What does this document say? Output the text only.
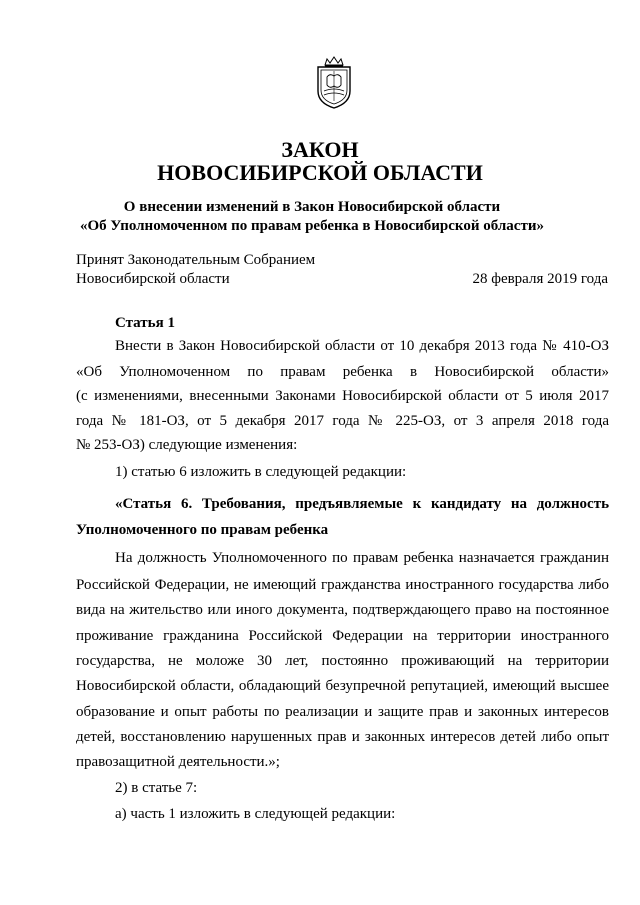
ЗАКОН
НОВОСИБИРСКОЙ ОБЛАСТИ
О внесении изменений в Закон Новосибирской области
«Об Уполномоченном по правам ребенка в Новосибирской области»
Принят Законодательным Собранием
Новосибирской области	28 февраля 2019 года
Статья 1
Внести в Закон Новосибирской области от 10 декабря 2013 года № 410-ОЗ
«Об Уполномоченном по правам ребенка в Новосибирской области»
(с изменениями, внесенными Законами Новосибирской области от 5 июля 2017
года № 181-ОЗ, от 5 декабря 2017 года № 225-ОЗ, от 3 апреля 2018 года
№ 253-ОЗ) следующие изменения:
1) статью 6 изложить в следующей редакции:
«Статья 6. Требования, предъявляемые к кандидату на должность
Уполномоченного по правам ребенка
На должность Уполномоченного по правам ребенка назначается гражданин
Российской Федерации, не имеющий гражданства иностранного государства либо
вида на жительство или иного документа, подтверждающего право на постоянное
проживание гражданина Российской Федерации на территории иностранного
государства, не моложе 30 лет, постоянно проживающий на территории
Новосибирской области, обладающий безупречной репутацией, имеющий высшее
образование и опыт работы по реализации и защите прав и законных интересов
детей, восстановлению нарушенных прав и законных интересов детей либо опыт
правозащитной деятельности.»;
2) в статье 7:
а) часть 1 изложить в следующей редакции:
